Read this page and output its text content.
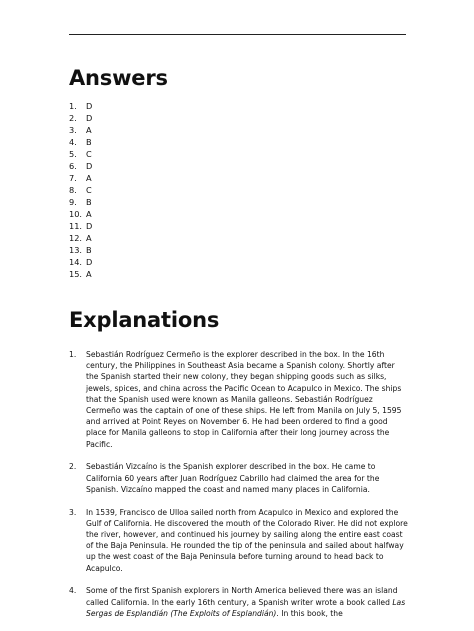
Answers
1.	D
2.	D
3.	A
4.	B
5.	C
6.	D
7.	A
8.	C
9.	B
10. A
11. D
12. A
13. B
14. D
15. A
Explanations
1.	Sebastián Rodríguez Cermeño is the explorer described in the box. In the 16th century, the Philippines in Southeast Asia became a Spanish colony. Shortly after the Spanish started their new colony, they began shipping goods such as silks, jewels, spices, and china across the Pacific Ocean to Acapulco in Mexico. The ships that the Spanish used were known as Manila galleons. Sebastián Rodríguez Cermeño was the captain of one of these ships. He left from Manila on July 5, 1595 and arrived at Point Reyes on November 6. He had been ordered to find a good place for Manila galleons to stop in California after their long journey across the Pacific.
2.	Sebastián Vizcaíno is the Spanish explorer described in the box. He came to California 60 years after Juan Rodríguez Cabrillo had claimed the area for the Spanish. Vizcaíno mapped the coast and named many places in California.
3.	In 1539, Francisco de Ulloa sailed north from Acapulco in Mexico and explored the Gulf of California. He discovered the mouth of the Colorado River. He did not explore the river, however, and continued his journey by sailing along the entire east coast of the Baja Peninsula. He rounded the tip of the peninsula and sailed about halfway up the west coast of the Baja Peninsula before turning around to head back to Acapulco.
4.	Some of the first Spanish explorers in North America believed there was an island called California. In the early 16th century, a Spanish writer wrote a book called Las Sergas de Esplandián (The Exploits of Esplandián). In this book, the
